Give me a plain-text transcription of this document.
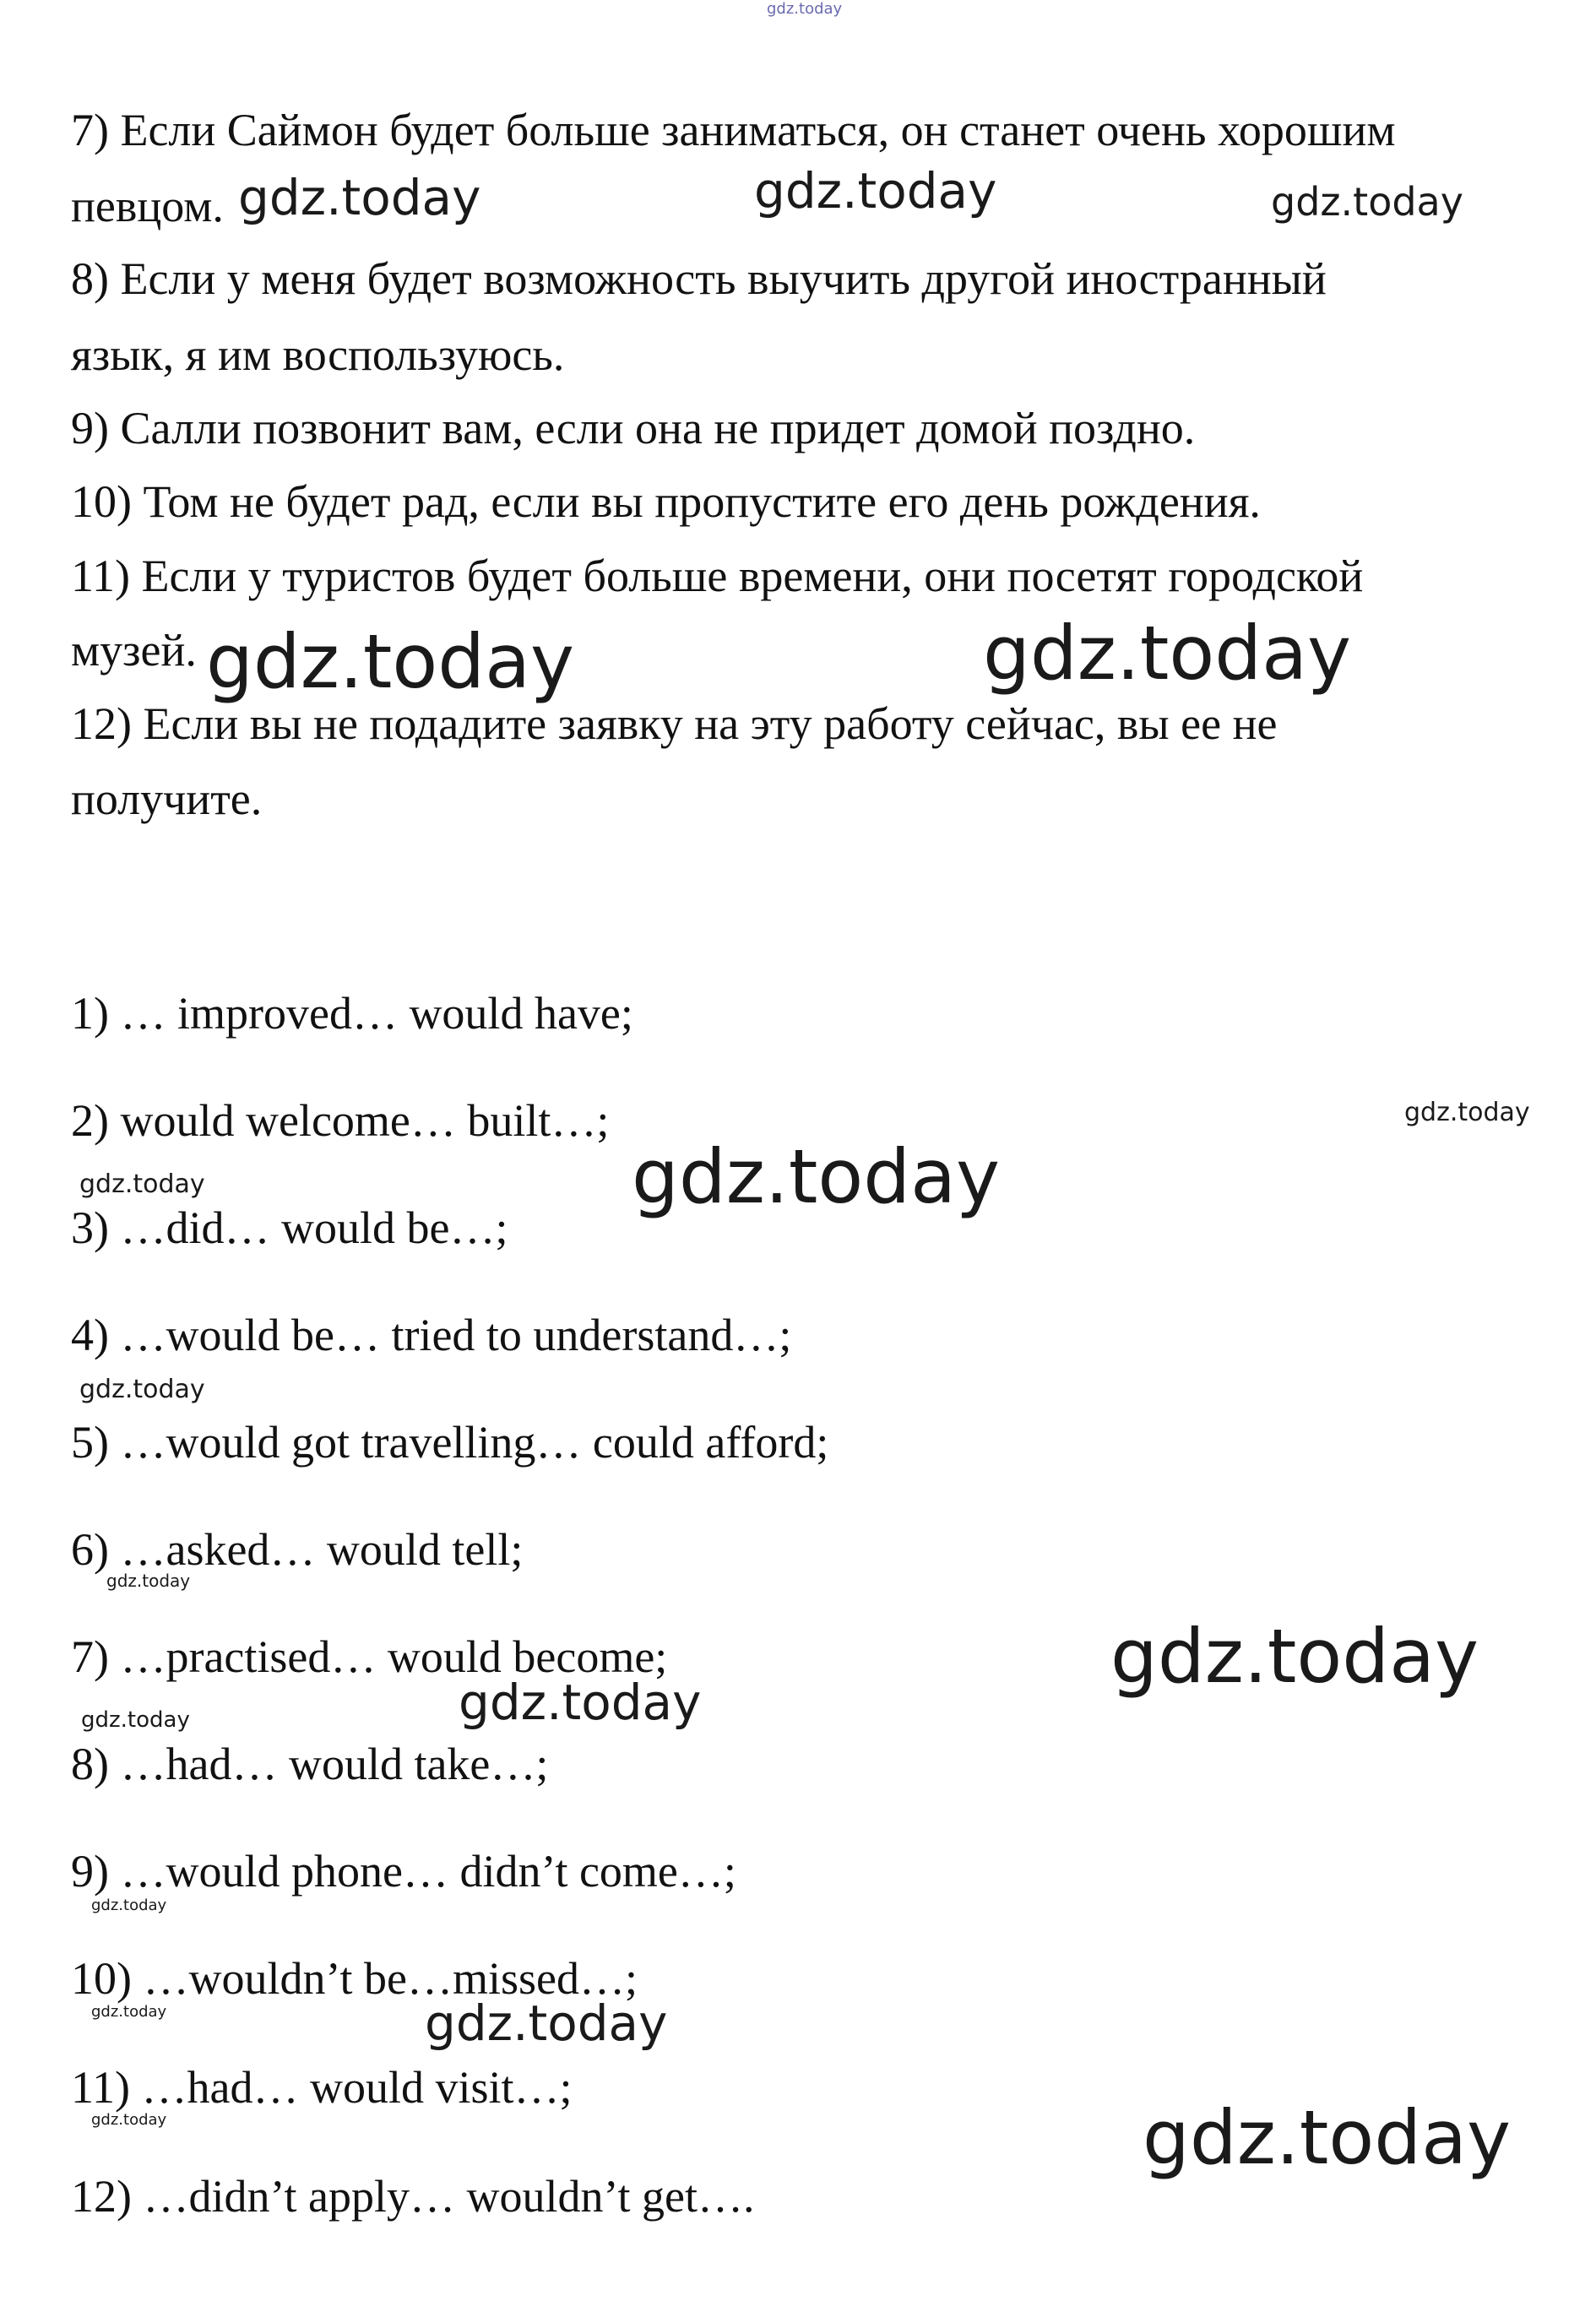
gdz.today
7) Если Саймон будет больше заниматься, он станет очень хорошим
певцом.
8) Если у меня будет возможность выучить другой иностранный
язык, я им воспользуюсь.
9) Салли позвонит вам, если она не придет домой поздно.
10) Том не будет рад, если вы пропустите его день рождения.
11) Если у туристов будет больше времени, они посетят городской
музей.
12) Если вы не подадите заявку на эту работу сейчас, вы ее не
получите.
1) … improved… would have;
2) would welcome… built…;
3) …did… would be…;
4) …would be… tried to understand…;
5) …would got travelling… could afford;
6) …asked… would tell;
7) …practised… would become;
8) …had… would take…;
9) …would phone… didn’t come…;
10) …wouldn’t be…missed…;
11) …had… would visit…;
12) …didn’t apply… wouldn’t get….
gdz.today	gdz.today	gdz.today
gdz.today	gdz.today
gdz.today
gdz.today	gdz.today
gdz.today
gdz.today
gdz.today
gdz.today
gdz.today
gdz.today
gdz.today	gdz.today
gdz.today	gdz.today
